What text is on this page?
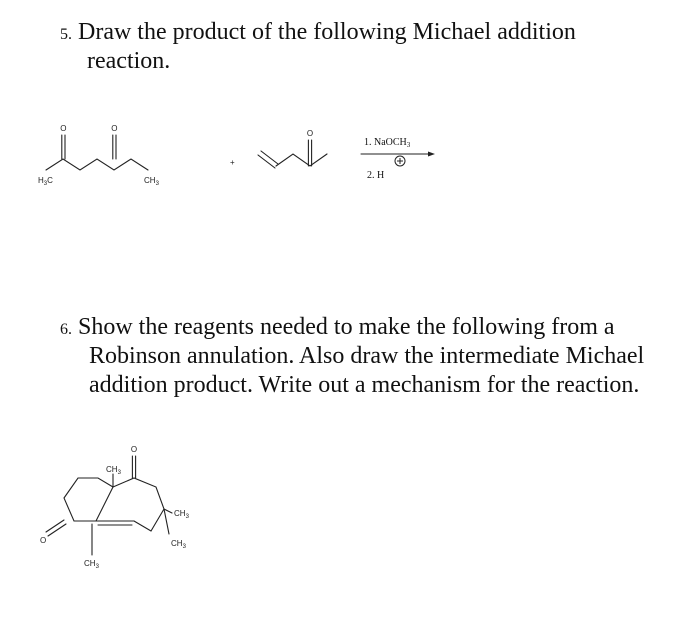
5. Draw the product of the following Michael addition
reaction.
O	O
$H_3C$	$CH_3$
+
O
1. NaOCH$_3$
2. H
O
O
$CH_3$
$CH_3$
$CH_3$
$CH_3$
6. Show the reagents needed to make the following from a
Robinson annulation. Also draw the intermediate Michael
addition product. Write out a mechanism for the reaction.
